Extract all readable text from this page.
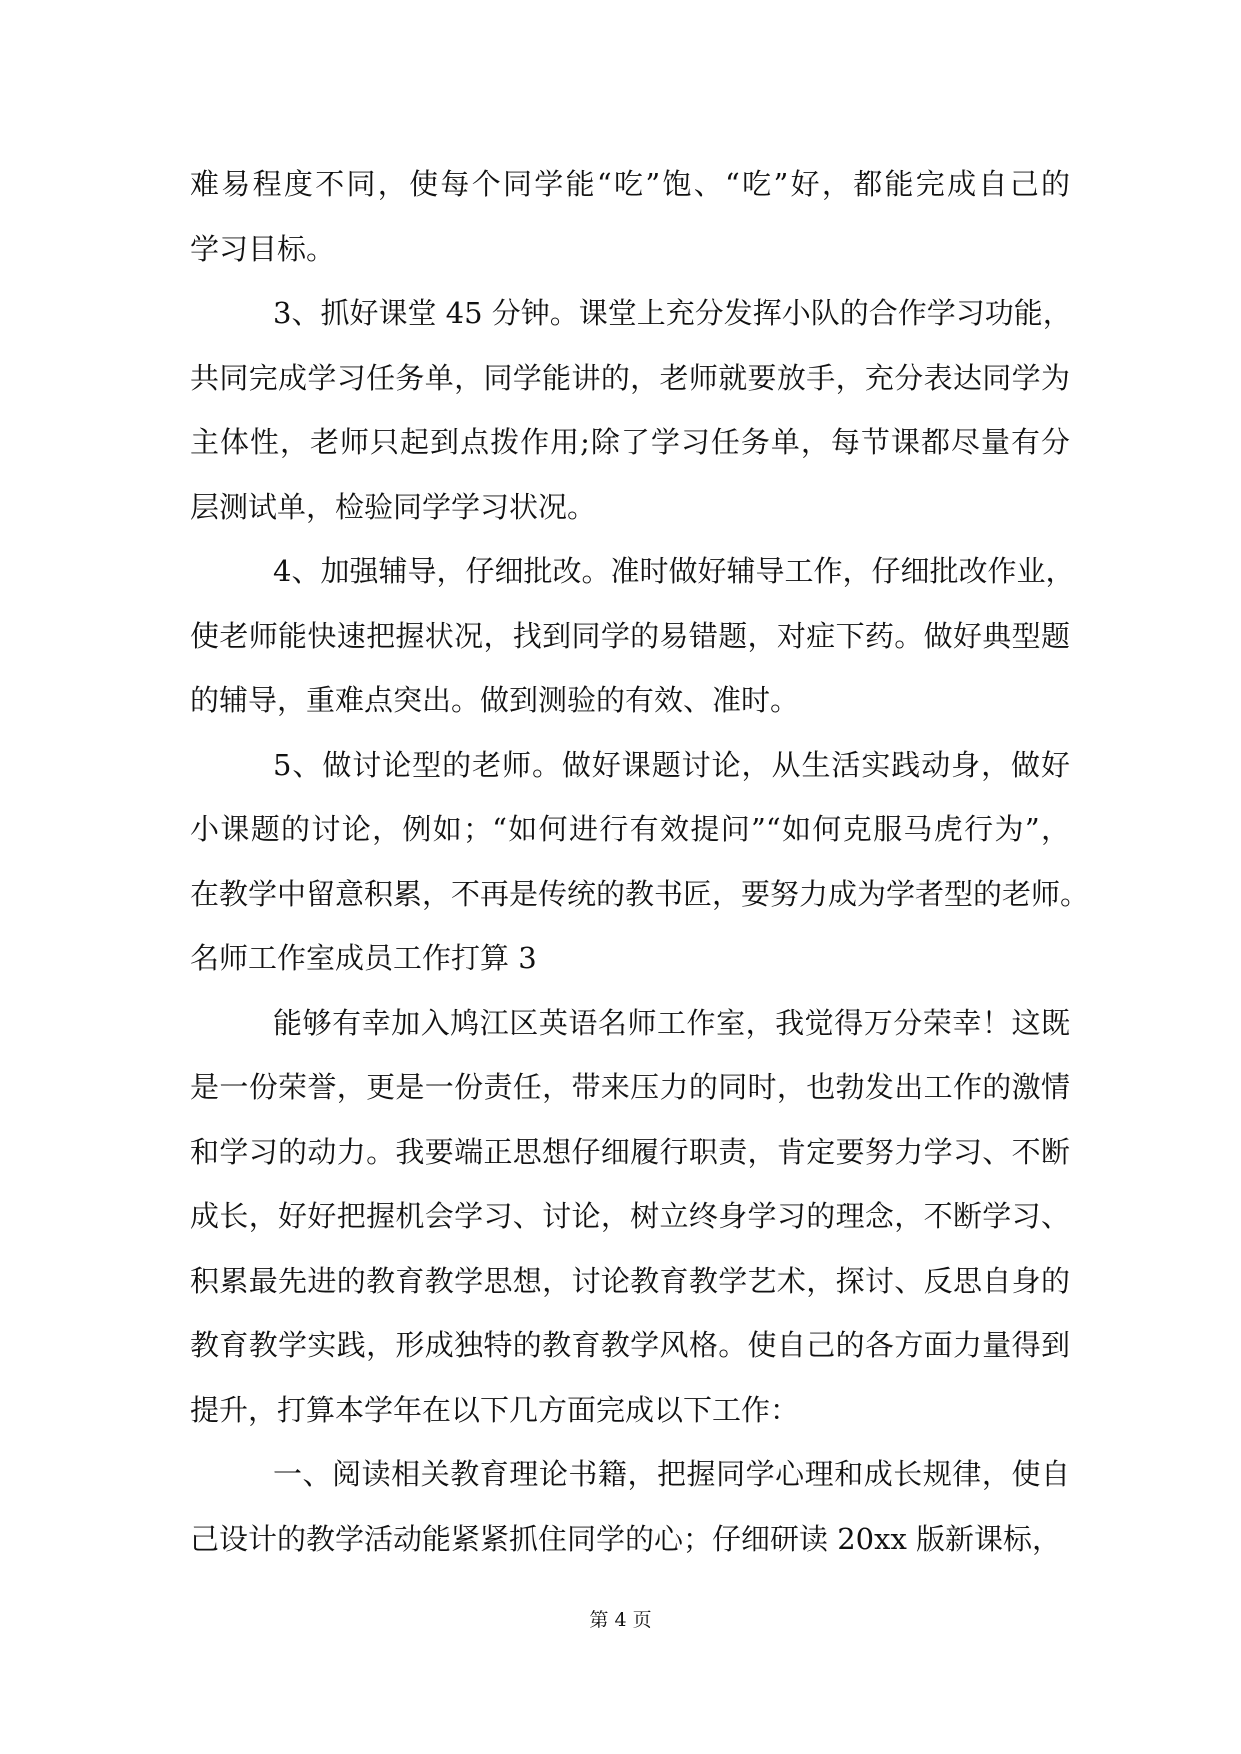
难易程度不同，使每个同学能“吃”饱、“吃”好，都能完成自己的
学习目标。
3、抓好课堂 45 分钟。课堂上充分发挥小队的合作学习功能，
共同完成学习任务单，同学能讲的，老师就要放手，充分表达同学为
主体性，老师只起到点拨作用;除了学习任务单，每节课都尽量有分
层测试单，检验同学学习状况。
4、加强辅导，仔细批改。准时做好辅导工作，仔细批改作业，
使老师能快速把握状况，找到同学的易错题，对症下药。做好典型题
的辅导，重难点突出。做到测验的有效、准时。
5、做讨论型的老师。做好课题讨论，从生活实践动身，做好
小课题的讨论，例如；“如何进行有效提问”“如何克服马虎行为”，
在教学中留意积累，不再是传统的教书匠，要努力成为学者型的老师。
名师工作室成员工作打算 3
能够有幸加入鸠江区英语名师工作室，我觉得万分荣幸！这既
是一份荣誉，更是一份责任，带来压力的同时，也勃发出工作的激情
和学习的动力。我要端正思想仔细履行职责，肯定要努力学习、不断
成长，好好把握机会学习、讨论，树立终身学习的理念，不断学习、
积累最先进的教育教学思想，讨论教育教学艺术，探讨、反思自身的
教育教学实践，形成独特的教育教学风格。使自己的各方面力量得到
提升，打算本学年在以下几方面完成以下工作：
一、阅读相关教育理论书籍，把握同学心理和成长规律，使自
己设计的教学活动能紧紧抓住同学的心；仔细研读 20xx 版新课标，
第 4 页
